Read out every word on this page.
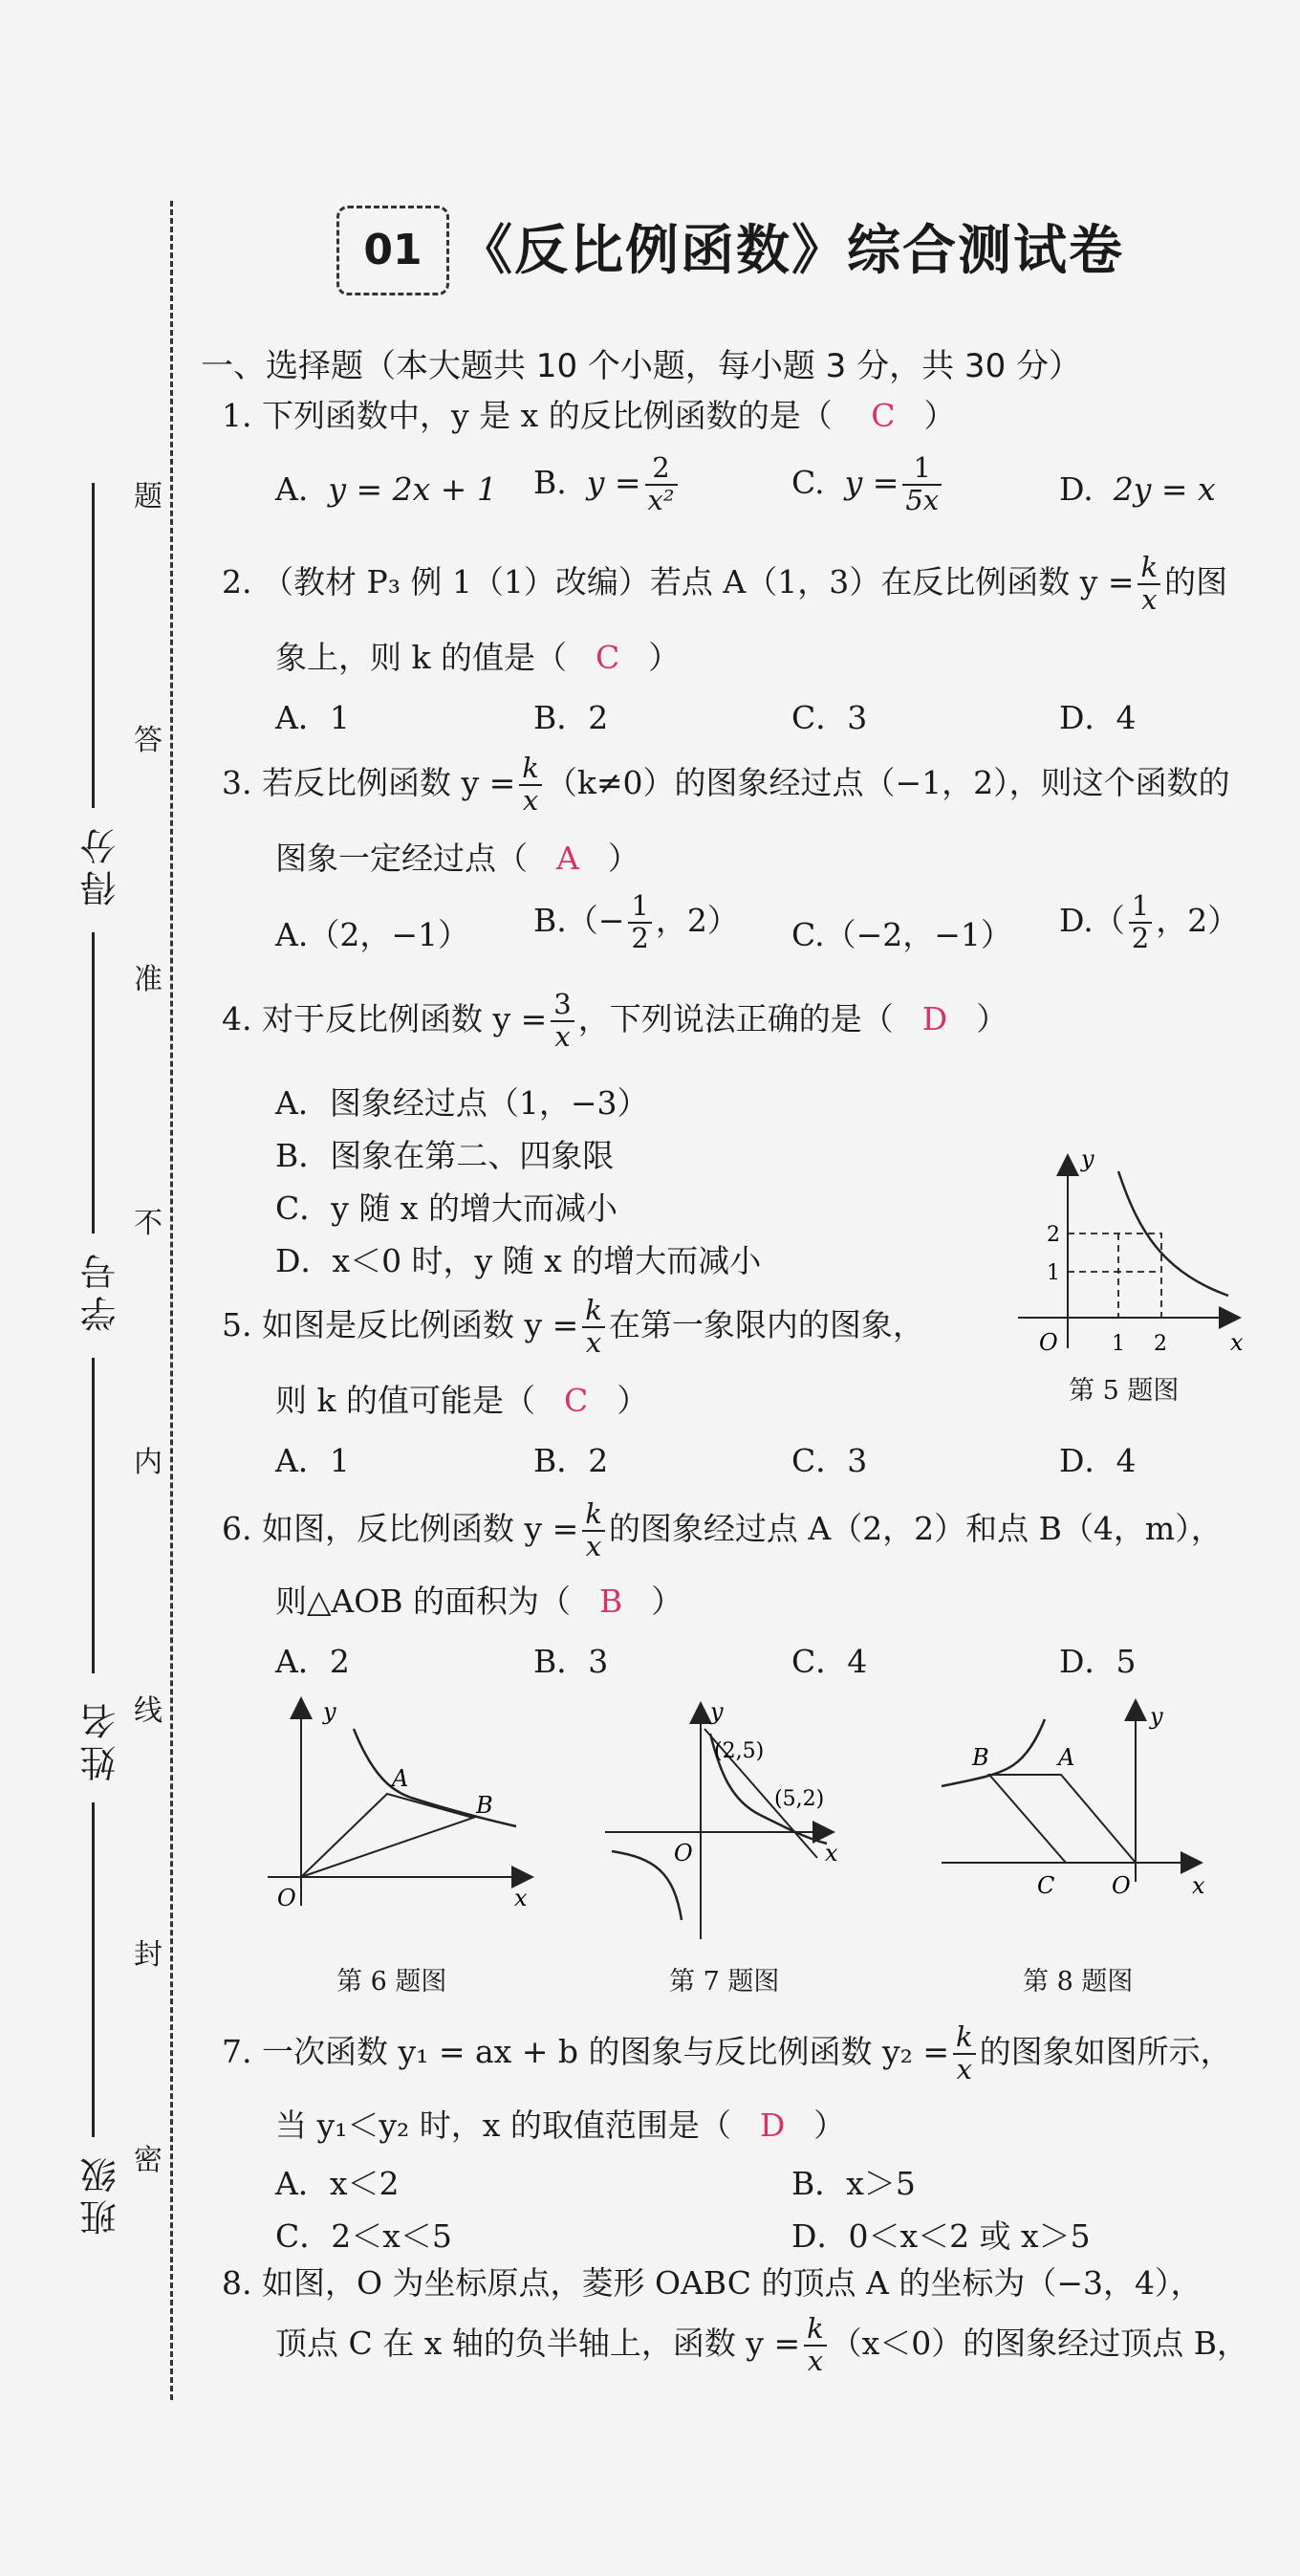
题
答
准
不
内
线
封
密
得分
学号
姓名
班级
01 《反比例函数》综合测试卷
一、选择题（本大题共 10 个小题，每小题 3 分，共 30 分）
1. 下列函数中，y 是 x 的反比例函数的是（ C ）
A. y = 2x + 1 B. $y = \frac{2}{\text{x²}}$	C. $y = \frac{1}{5x}$	D. 2y = x
2. （教材 P₃ 例 1（1）改编）若点 A（1，3）在反比例函数 $y = \frac{k}{x}$ 的图
象上，则 k 的值是（ C ）
A．1	B．2	C．3	D．4
3. 若反比例函数 $y = \frac{k}{x} (k\ne 0)$的图象经过点（−1，2），则这个函数的
图象一定经过点（ A ）
A.（2，−1） $B.(- \frac{1}{2}$ ，2） C.（−2，−1） $D.( \frac{1}{2}$ ，2）
4. 对于反比例函数 $y = \frac{3}{x}$ ，下列说法正确的是（ D ）
A．图象经过点（1，−3）
B．图象在第二、四象限
C．y 随 x 的增大而减小
D．x＜0 时，y 随 x 的增大而减小
y
x
O	1 2
2
1
第 5 题图
5. 如图是反比例函数 $y = \frac{k}{x}$ 在第一象限内的图象，
则 k 的值可能是（ C ）
A．1	B．2	C．3	D．4
6. 如图，反比例函数 $y = \frac{k}{x}$ 的图象经过点 A（2，2）和点 B（4，m），
则△AOB 的面积为（ B ）
A．2	B．3	C．4	D．5
y
x
O
A
B
第 6 题图
y
x
O
(2,5)
(5,2)
第 7 题图
y
x
O
B	A
C
第 8 题图
7. 一次函数 y₁ = ax + b 的图象与反比例函数 $y_2 = \frac{k}{x}$ 的图象如图所示，
当 y₁＜y₂ 时，x 的取值范围是（ D ）
A．x＜2	B．x＞5
C．2＜x＜5	D．0＜x＜2 或 x＞5
8. 如图，O 为坐标原点，菱形 OABC 的顶点 A 的坐标为（−3，4），
顶点 C 在 x 轴的负半轴上，函数 $y = \frac{k}{x} (x<0)$的图象经过顶点 B，
